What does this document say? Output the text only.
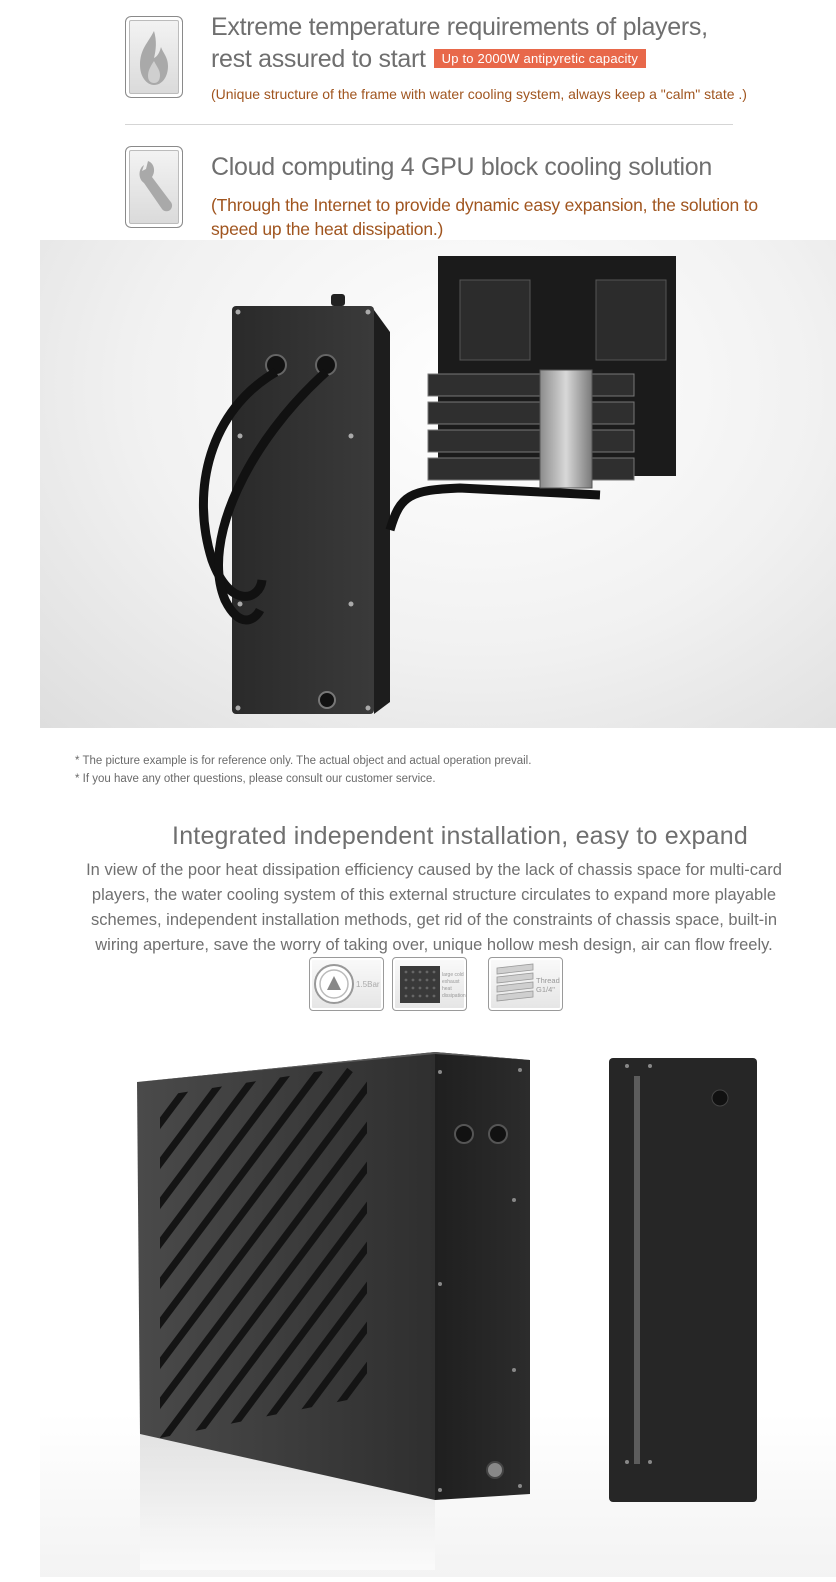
Extreme temperature requirements of players,
rest assured to start Up to 2000W antipyretic capacity
(Unique structure of the frame with water cooling system, always keep a "calm" state .)
Cloud computing 4 GPU block cooling solution
(Through the Internet to provide dynamic easy expansion, the solution to
speed up the heat dissipation.)
* The picture example is for reference only. The actual object and actual operation prevail.
* If you have any other questions, please consult our customer service.
Integrated independent installation, easy to expand
In view of the poor heat dissipation efficiency caused by the lack of chassis space for multi-card players, the water cooling system of this external structure circulates to expand more playable schemes, independent installation methods, get rid of the constraints of chassis space, built-in wiring aperture, save the worry of taking over, unique hollow mesh design, air can flow freely.
1.5Bar
large cold exhaust heat dissipation
Thread G1/4"
